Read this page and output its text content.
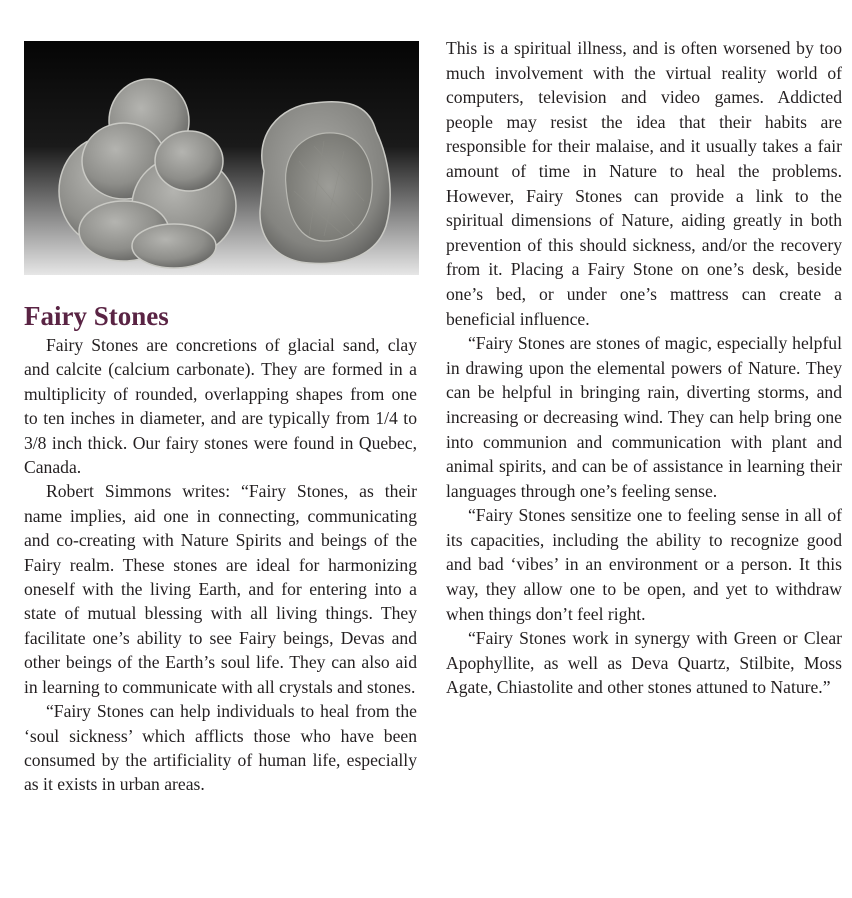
Fairy Stones

Fairy Stones are concretions of glacial sand, clay and calcite (calcium carbonate). They are formed in a multiplicity of rounded, overlapping shapes from one to ten inches in diameter, and are typically from 1/4 to 3/8 inch thick. Our fairy stones were found in Quebec, Canada.

Robert Simmons writes: “Fairy Stones, as their name implies, aid one in connecting, communicating and co-creating with Nature Spirits and beings of the Fairy realm. These stones are ideal for harmonizing oneself with the living Earth, and for entering into a state of mutual blessing with all living things. They facilitate one’s ability to see Fairy beings, Devas and other beings of the Earth’s soul life. They can also aid in learning to communicate with all crystals and stones.

“Fairy Stones can help individuals to heal from the ‘soul sickness’ which afflicts those who have been consumed by the artificiality of human life, especially as it exists in urban areas.

This is a spiritual illness, and is often worsened by too much involvement with the virtual reality world of computers, television and video games. Addicted people may resist the idea that their habits are responsible for their malaise, and it usually takes a fair amount of time in Nature to heal the problems. However, Fairy Stones can provide a link to the spiritual dimensions of Nature, aiding greatly in both prevention of this should sickness, and/or the recovery from it. Placing a Fairy Stone on one’s desk, beside one’s bed, or under one’s mattress can create a beneficial influence.

“Fairy Stones are stones of magic, especially helpful in drawing upon the elemental powers of Nature. They can be helpful in bringing rain, diverting storms, and increasing or decreasing wind. They can help bring one into communion and communication with plant and animal spirits, and can be of assistance in learning their languages through one’s feeling sense.

“Fairy Stones sensitize one to feeling sense in all of its capacities, including the ability to recognize good and bad ‘vibes’ in an environment or a person. It this way, they allow one to be open, and yet to withdraw when things don’t feel right.

“Fairy Stones work in synergy with Green or Clear Apophyllite, as well as Deva Quartz, Stilbite, Moss Agate, Chiastolite and other stones attuned to Nature.”
